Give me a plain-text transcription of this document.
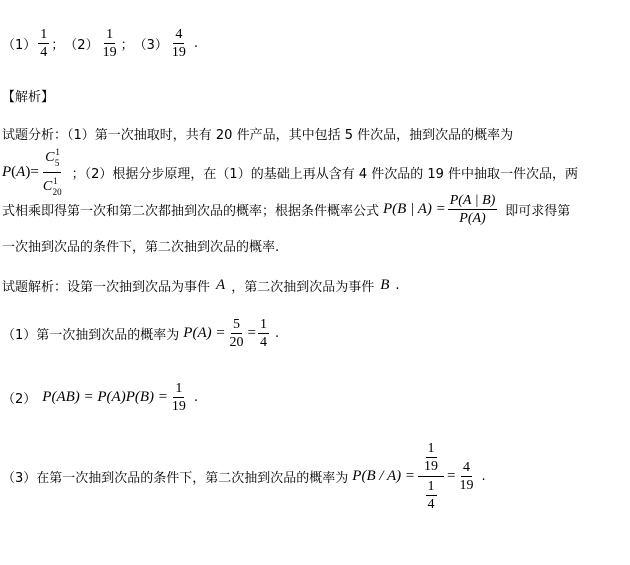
$(1) \frac{1}{4}$ ； $(2) \frac{1}{19}$ ； $(3) \frac{4}{19}$ .
【解析】
试题分析：（1）第一次抽取时，共有 20 件产品，其中包括 5 件次品，抽到次品的概率为
P ( A )= $\frac{C^1_5}{C^1_{20}}$ ；（2）根据分步原理，在（1）的基础上再从含有 4 件次品的 19 件中抽取一件次品，两
式相乘即得第一次和第二次都抽到次品的概率；根据条件概率公式 P(B | $A) = \frac{P(A | B)}{P(A)}$ 即可求得第
一次抽到次品的条件下，第二次抽到次品的概率.
试题解析：设第一次抽到次品为事件 A ，第二次抽到次品为事件 B .
（1）第一次抽到次品的概率为 $P(A) = \frac{5}{20} = \frac{1}{4}$ .
（2） $P(AB) = P(A)P(B) = \frac{1}{19}$ .
（3）在第一次抽到次品的条件下，第二次抽到次品的概率为 P(B / A) =
1
19
1
4
= $\frac{4}{19}$ .
